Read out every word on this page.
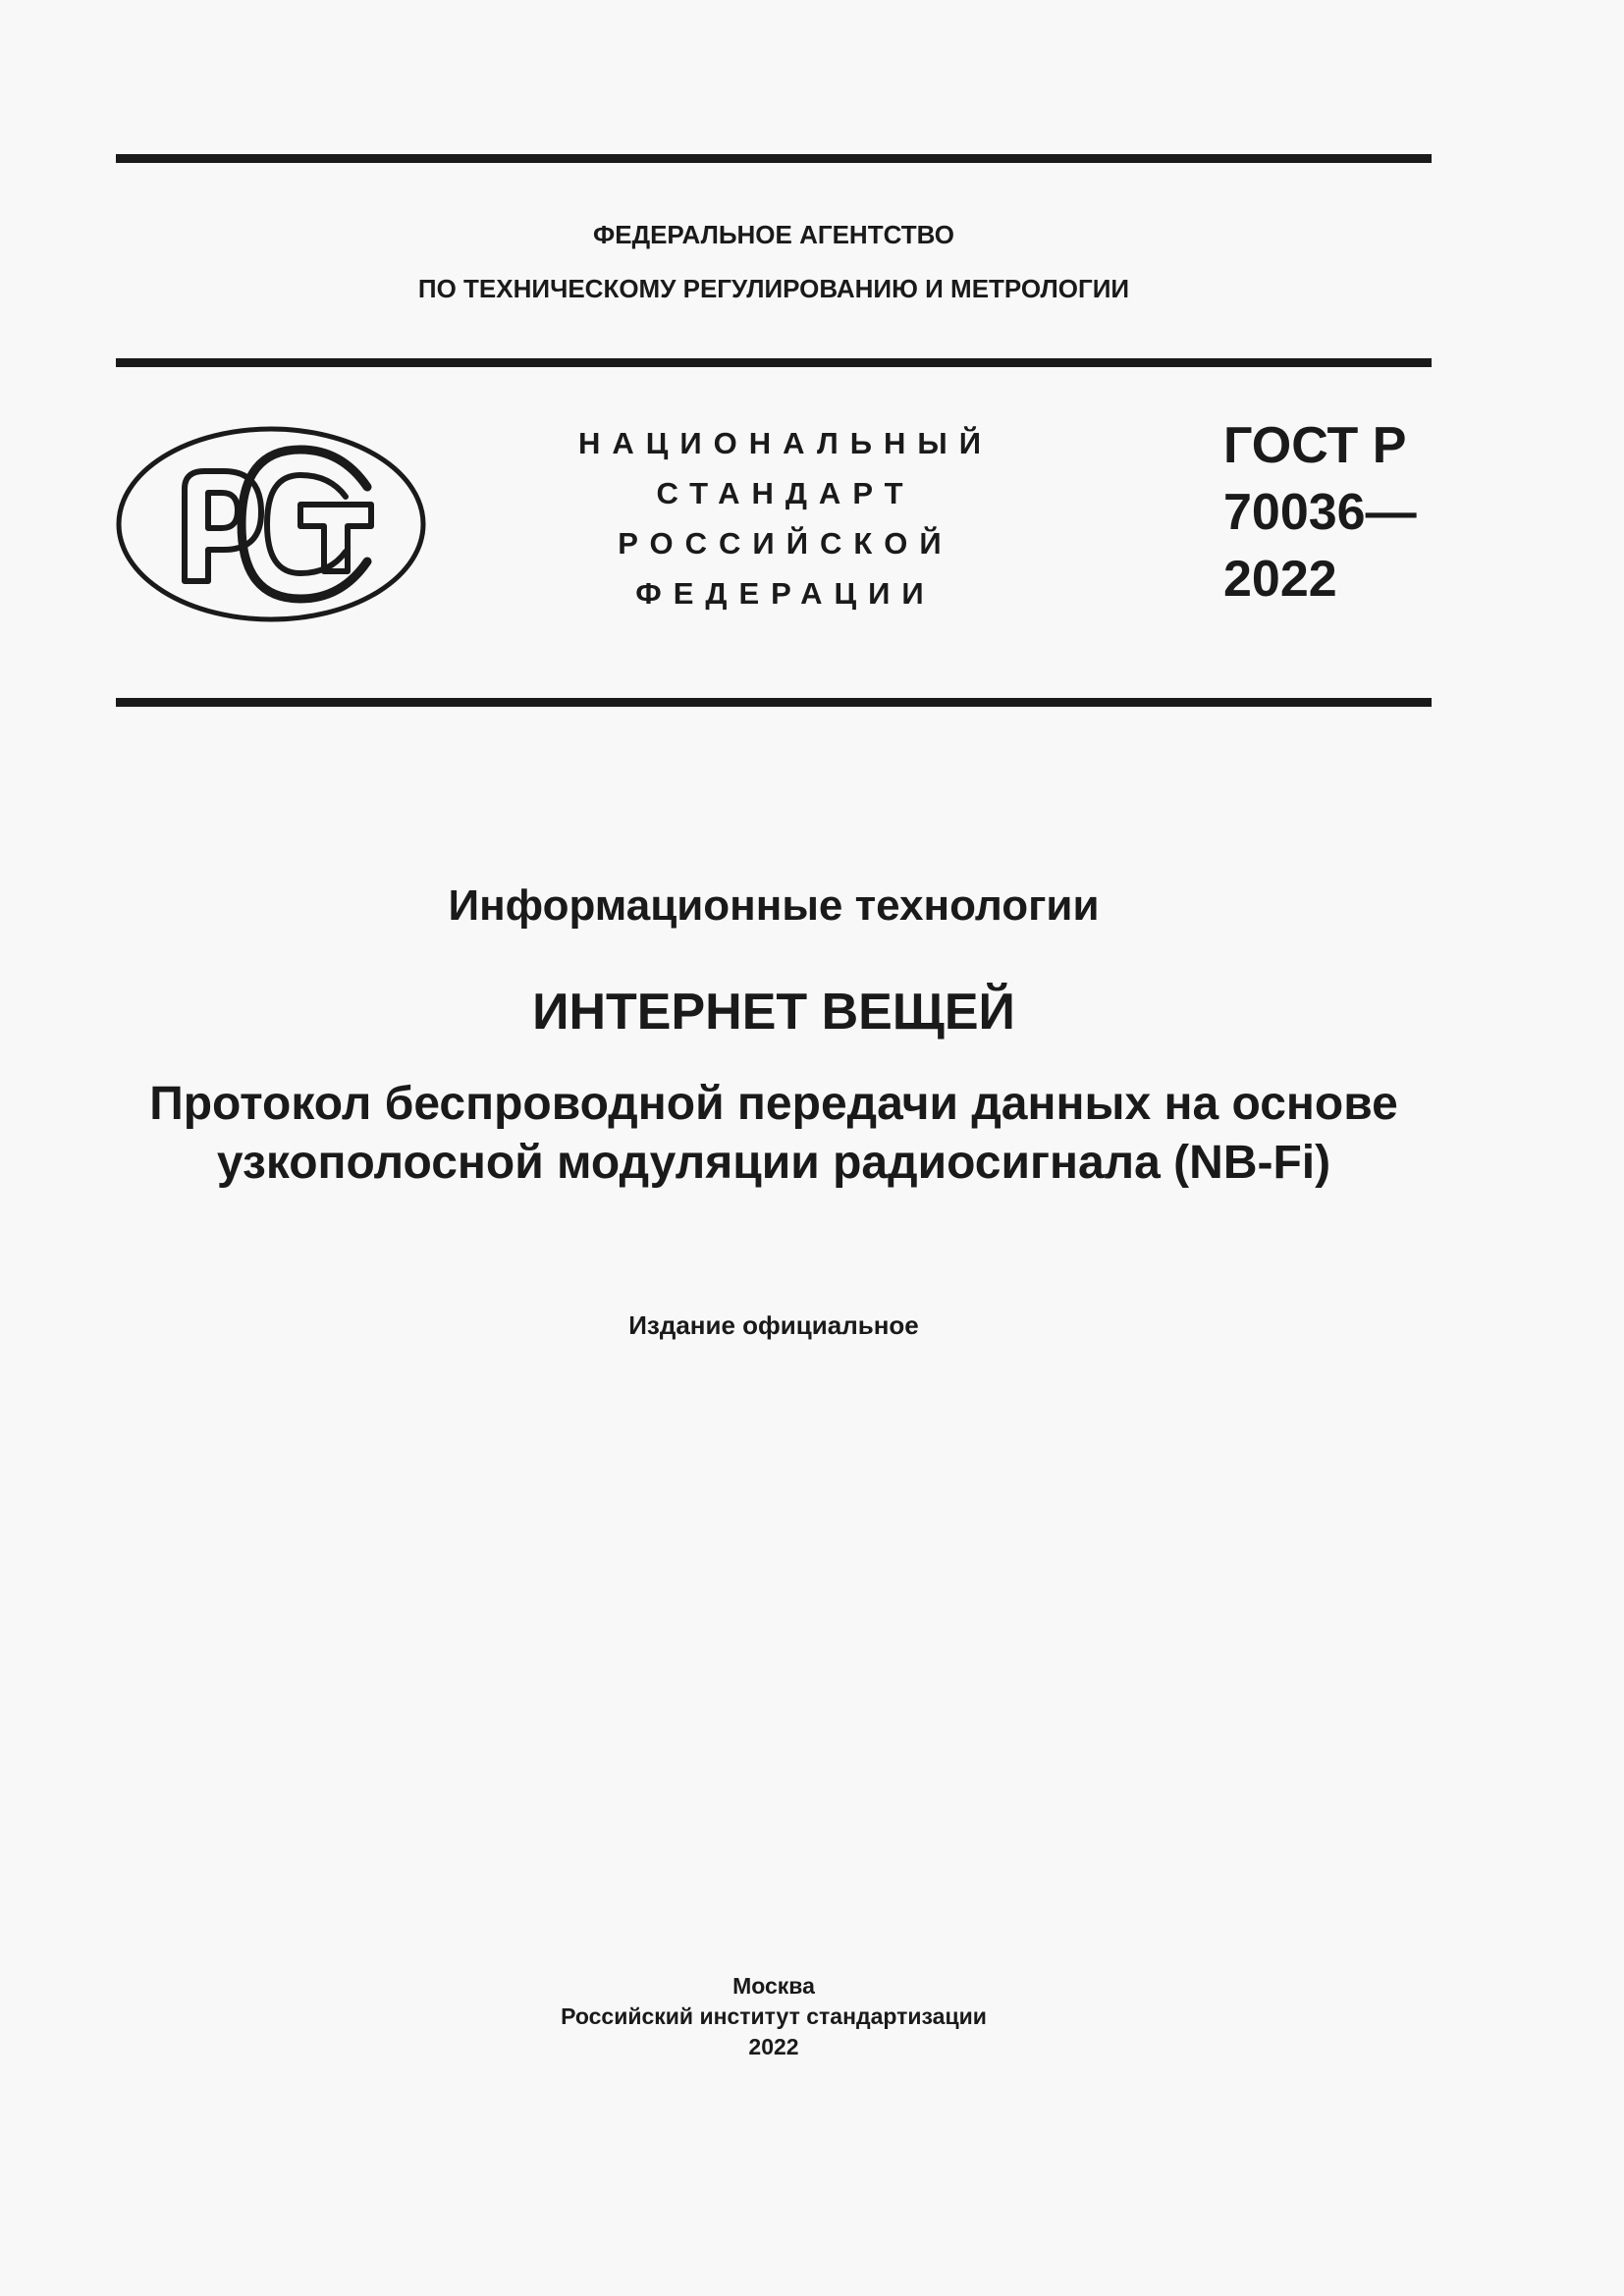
ФЕДЕРАЛЬНОЕ АГЕНТСТВО
ПО ТЕХНИЧЕСКОМУ РЕГУЛИРОВАНИЮ И МЕТРОЛОГИИ
НАЦИОНАЛЬНЫЙ
СТАНДАРТ
РОССИЙСКОЙ
ФЕДЕРАЦИИ
ГОСТ Р
70036—
2022
Информационные технологии
ИНТЕРНЕТ ВЕЩЕЙ
Протокол беспроводной передачи данных на основе
узкополосной модуляции радиосигнала (NB-Fi)
Издание официальное
Москва
Российский институт стандартизации
2022
